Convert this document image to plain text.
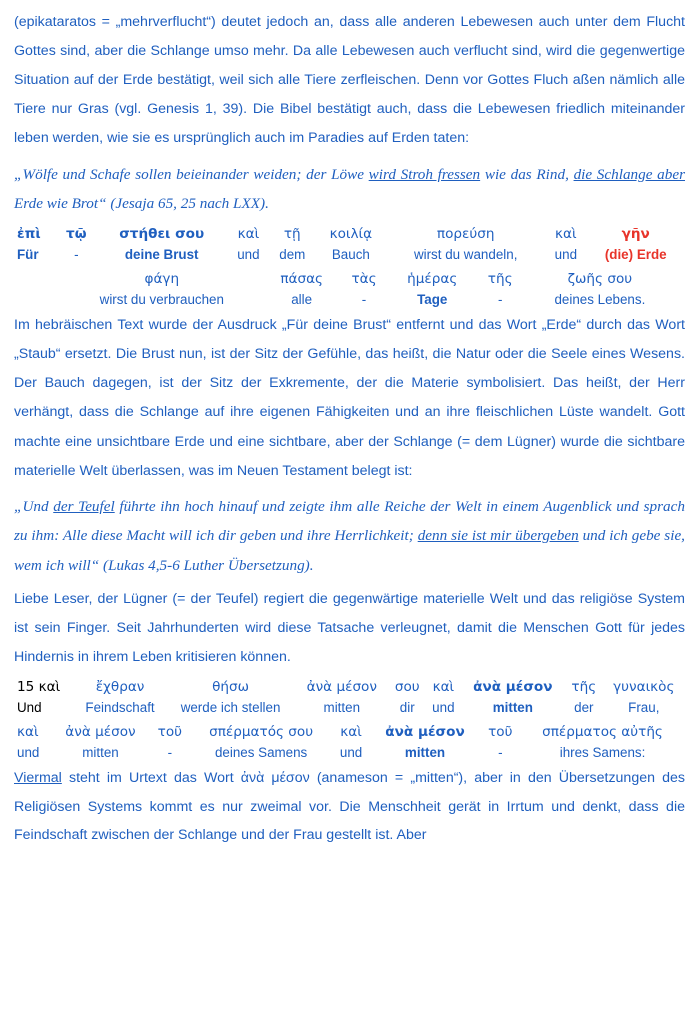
(epikataratos = „mehrverflucht“) deutet jedoch an, dass alle anderen Lebewesen auch unter dem Flucht Gottes sind, aber die Schlange umso mehr. Da alle Lebewesen auch verflucht sind, wird die gegenwertige Situation auf der Erde bestätigt, weil sich alle Tiere zerfleischen. Denn vor Gottes Fluch aßen nämlich alle Tiere nur Gras (vgl. Genesis 1, 39). Die Bibel bestätigt auch, dass die Lebewesen friedlich miteinander leben werden, wie sie es ursprünglich auch im Paradies auf Erden taten:

„Wölfe und Schafe sollen beieinander weiden; der Löwe wird Stroh fressen wie das Rind, die Schlange aber Erde wie Brot“ (Jesaja 65, 25 nach LXX).

ἐπὶ	τῷ	στήθει σου	καὶ	τῇ	κοιλίᾳ	πορεύση	καὶ	γῆν
Für	-	deine Brust	und	dem	Bauch	wirst du wandeln,	und	(die) Erde
	φάγη	πάσας	τὰς	ἡμέρας	τῆς	ζωῆς σου	
	wirst du verbrauchen	alle	-	Tage	-	deines Lebens.	

Im hebräischen Text wurde der Ausdruck „Für deine Brust“ entfernt und das Wort „Erde“ durch das Wort „Staub“ ersetzt. Die Brust nun, ist der Sitz der Gefühle, das heißt, die Natur oder die Seele eines Wesens. Der Bauch dagegen, ist der Sitz der Exkremente, der die Materie symbolisiert. Das heißt, der Herr verhängt, dass die Schlange auf ihre eigenen Fähigkeiten und an ihre fleischlichen Lüste wandelt. Gott machte eine unsichtbare Erde und eine sichtbare, aber der Schlange (= dem Lügner) wurde die sichtbare materielle Welt überlassen, was im Neuen Testament belegt ist:

„Und der Teufel führte ihn hoch hinauf und zeigte ihm alle Reiche der Welt in einem Augenblick und sprach zu ihm: Alle diese Macht will ich dir geben und ihre Herrlichkeit; denn sie ist mir übergeben und ich gebe sie, wem ich will“ (Lukas 4,5-6 Luther Übersetzung).

Liebe Leser, der Lügner (= der Teufel) regiert die gegenwärtige materielle Welt und das religiöse System ist sein Finger. Seit Jahrhunderten wird diese Tatsache verleugnet, damit die Menschen Gott für jedes Hindernis in ihrem Leben kritisieren können.

15 καὶ	ἔχθραν	θήσω	ἀνὰ μέσον	σου	καὶ	ἀνὰ μέσον	τῆς	γυναικὸς
Und	Feindschaft	werde ich stellen	mitten	dir	und	mitten	der	Frau,
καὶ	ἀνὰ μέσον	τοῦ	σπέρματός σου	καὶ	ἀνὰ μέσον	τοῦ	σπέρματος αὐτῆς
und	mitten	-	deines Samens	und	mitten	-	ihres Samens:

Viermal steht im Urtext das Wort ἀνὰ μέσον (anameson = „mitten“), aber in den Übersetzungen des Religiösen Systems kommt es nur zweimal vor. Die Menschheit gerät in Irrtum und denkt, dass die Feindschaft zwischen der Schlange und der Frau gestellt ist. Aber
